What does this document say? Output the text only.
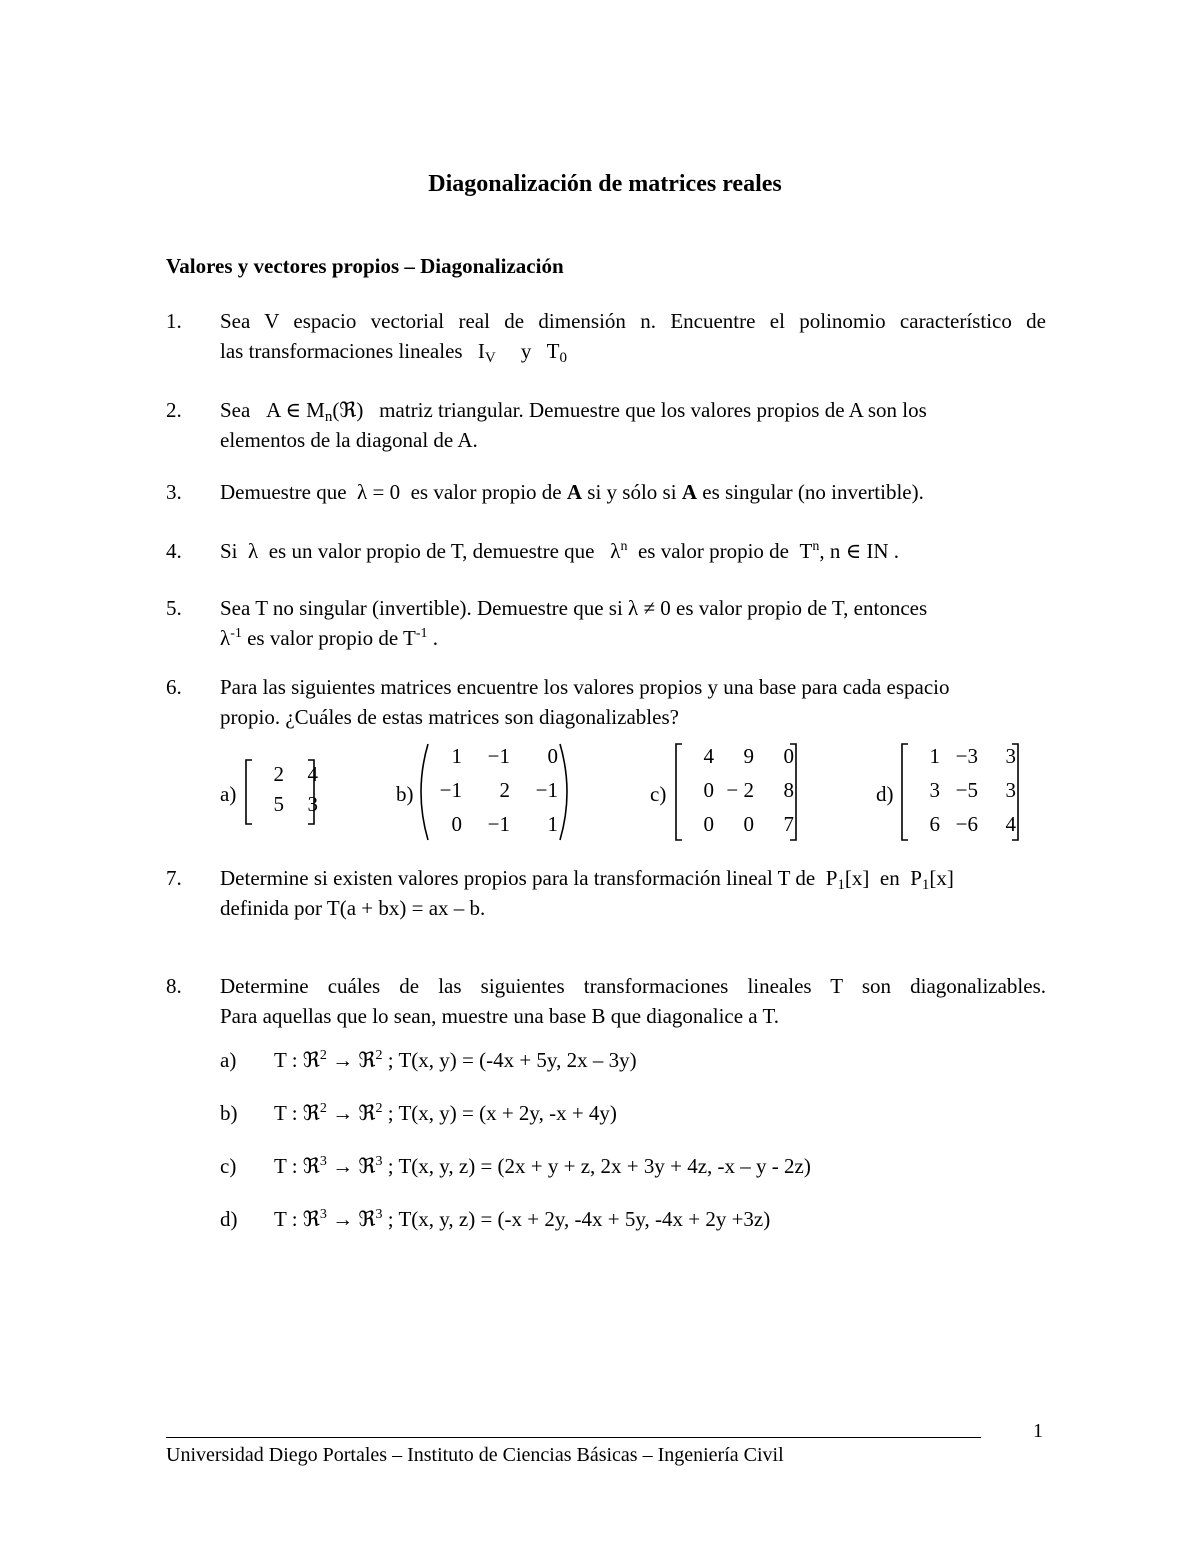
Diagonalización de matrices reales
Valores y vectores propios – Diagonalización
1. Sea V espacio vectorial real de dimensión n. Encuentre el polinomio característico de
las transformaciones lineales $I_V$ y $T_0$
2. Sea A ∈ $M_n(ℜ)$ matriz triangular. Demuestre que los valores propios de A son los
elementos de la diagonal de A.
3. Demuestre que λ = 0 es valor propio de A si y sólo si A es singular (no invertible).
4. Si λ es un valor propio de T, demuestre que $\lambda^n$ es valor propio de $T^n$, n ∈ IN .
5. Sea T no singular (invertible). Demuestre que si λ ≠ 0 es valor propio de T, entonces
$\lambda^{-1}$ es valor propio de $T^{-1}$ .
6. Para las siguientes matrices encuentre los valores propios y una base para cada espacio
propio. ¿Cuáles de estas matrices son diagonalizables?
a)
2	4
5	3	b)
1	−1	0
−1	2	−1
0	−1	1
c)
4	9	0
0 − 2	8
0	0	7
d)
1 −3	3
3 −5	3
6 −6	4
7. Determine si existen valores propios para la transformación lineal T de $P_1[x]$ en $P_1[x]$
definida por T(a + bx) = ax – b.
8. Determine cuáles de las siguientes transformaciones lineales T son diagonalizables.
Para aquellas que lo sean, muestre una base B que diagonalice a T.
a) T : ℜ$^2$ → ℜ$^2$ ; T(x, y) = (-4x + 5y, 2x – 3y)
b) T : ℜ$^2$ → ℜ$^2$ ; T(x, y) = (x + 2y, -x + 4y)
c) T : ℜ$^3$ → ℜ$^3$ ; T(x, y, z) = (2x + y + z, 2x + 3y + 4z, -x – y - 2z)
d) T : ℜ$^3$ → ℜ$^3$ ; T(x, y, z) = (-x + 2y, -4x + 5y, -4x + 2y +3z)
1
Universidad Diego Portales – Instituto de Ciencias Básicas – Ingeniería Civil
